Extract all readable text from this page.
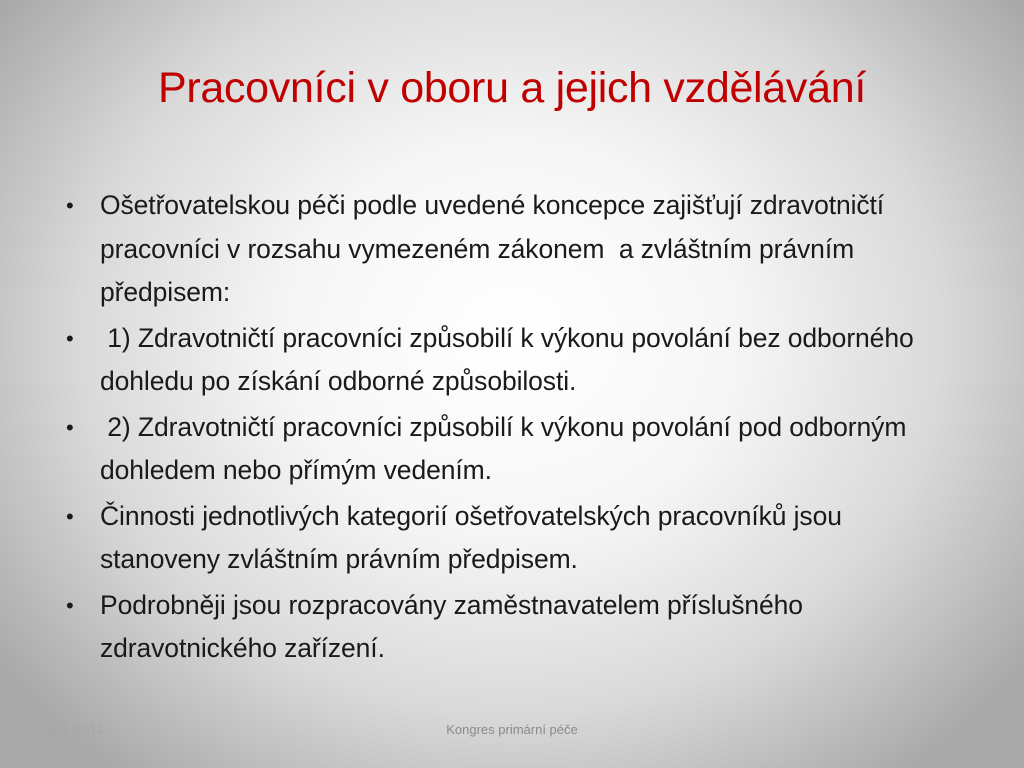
Pracovníci v oboru a jejich vzdělávání
• Ošetřovatelskou péči podle uvedené koncepce zajišťují zdravotničtí pracovníci v rozsahu vymezeném zákonem  a zvláštním právním předpisem:
• 1) Zdravotničtí pracovníci způsobilí k výkonu povolání bez odborného dohledu po získání odborné způsobilosti.
• 2) Zdravotničtí pracovníci způsobilí k výkonu povolání pod odborným dohledem nebo přímým vedením.
• Činnosti jednotlivých kategorií ošetřovatelských pracovníků jsou stanoveny zvláštním právním předpisem.
• Podrobněji jsou rozpracovány zaměstnavatelem příslušného zdravotnického zařízení.
6. 6. 2014	Kongres primární péče
